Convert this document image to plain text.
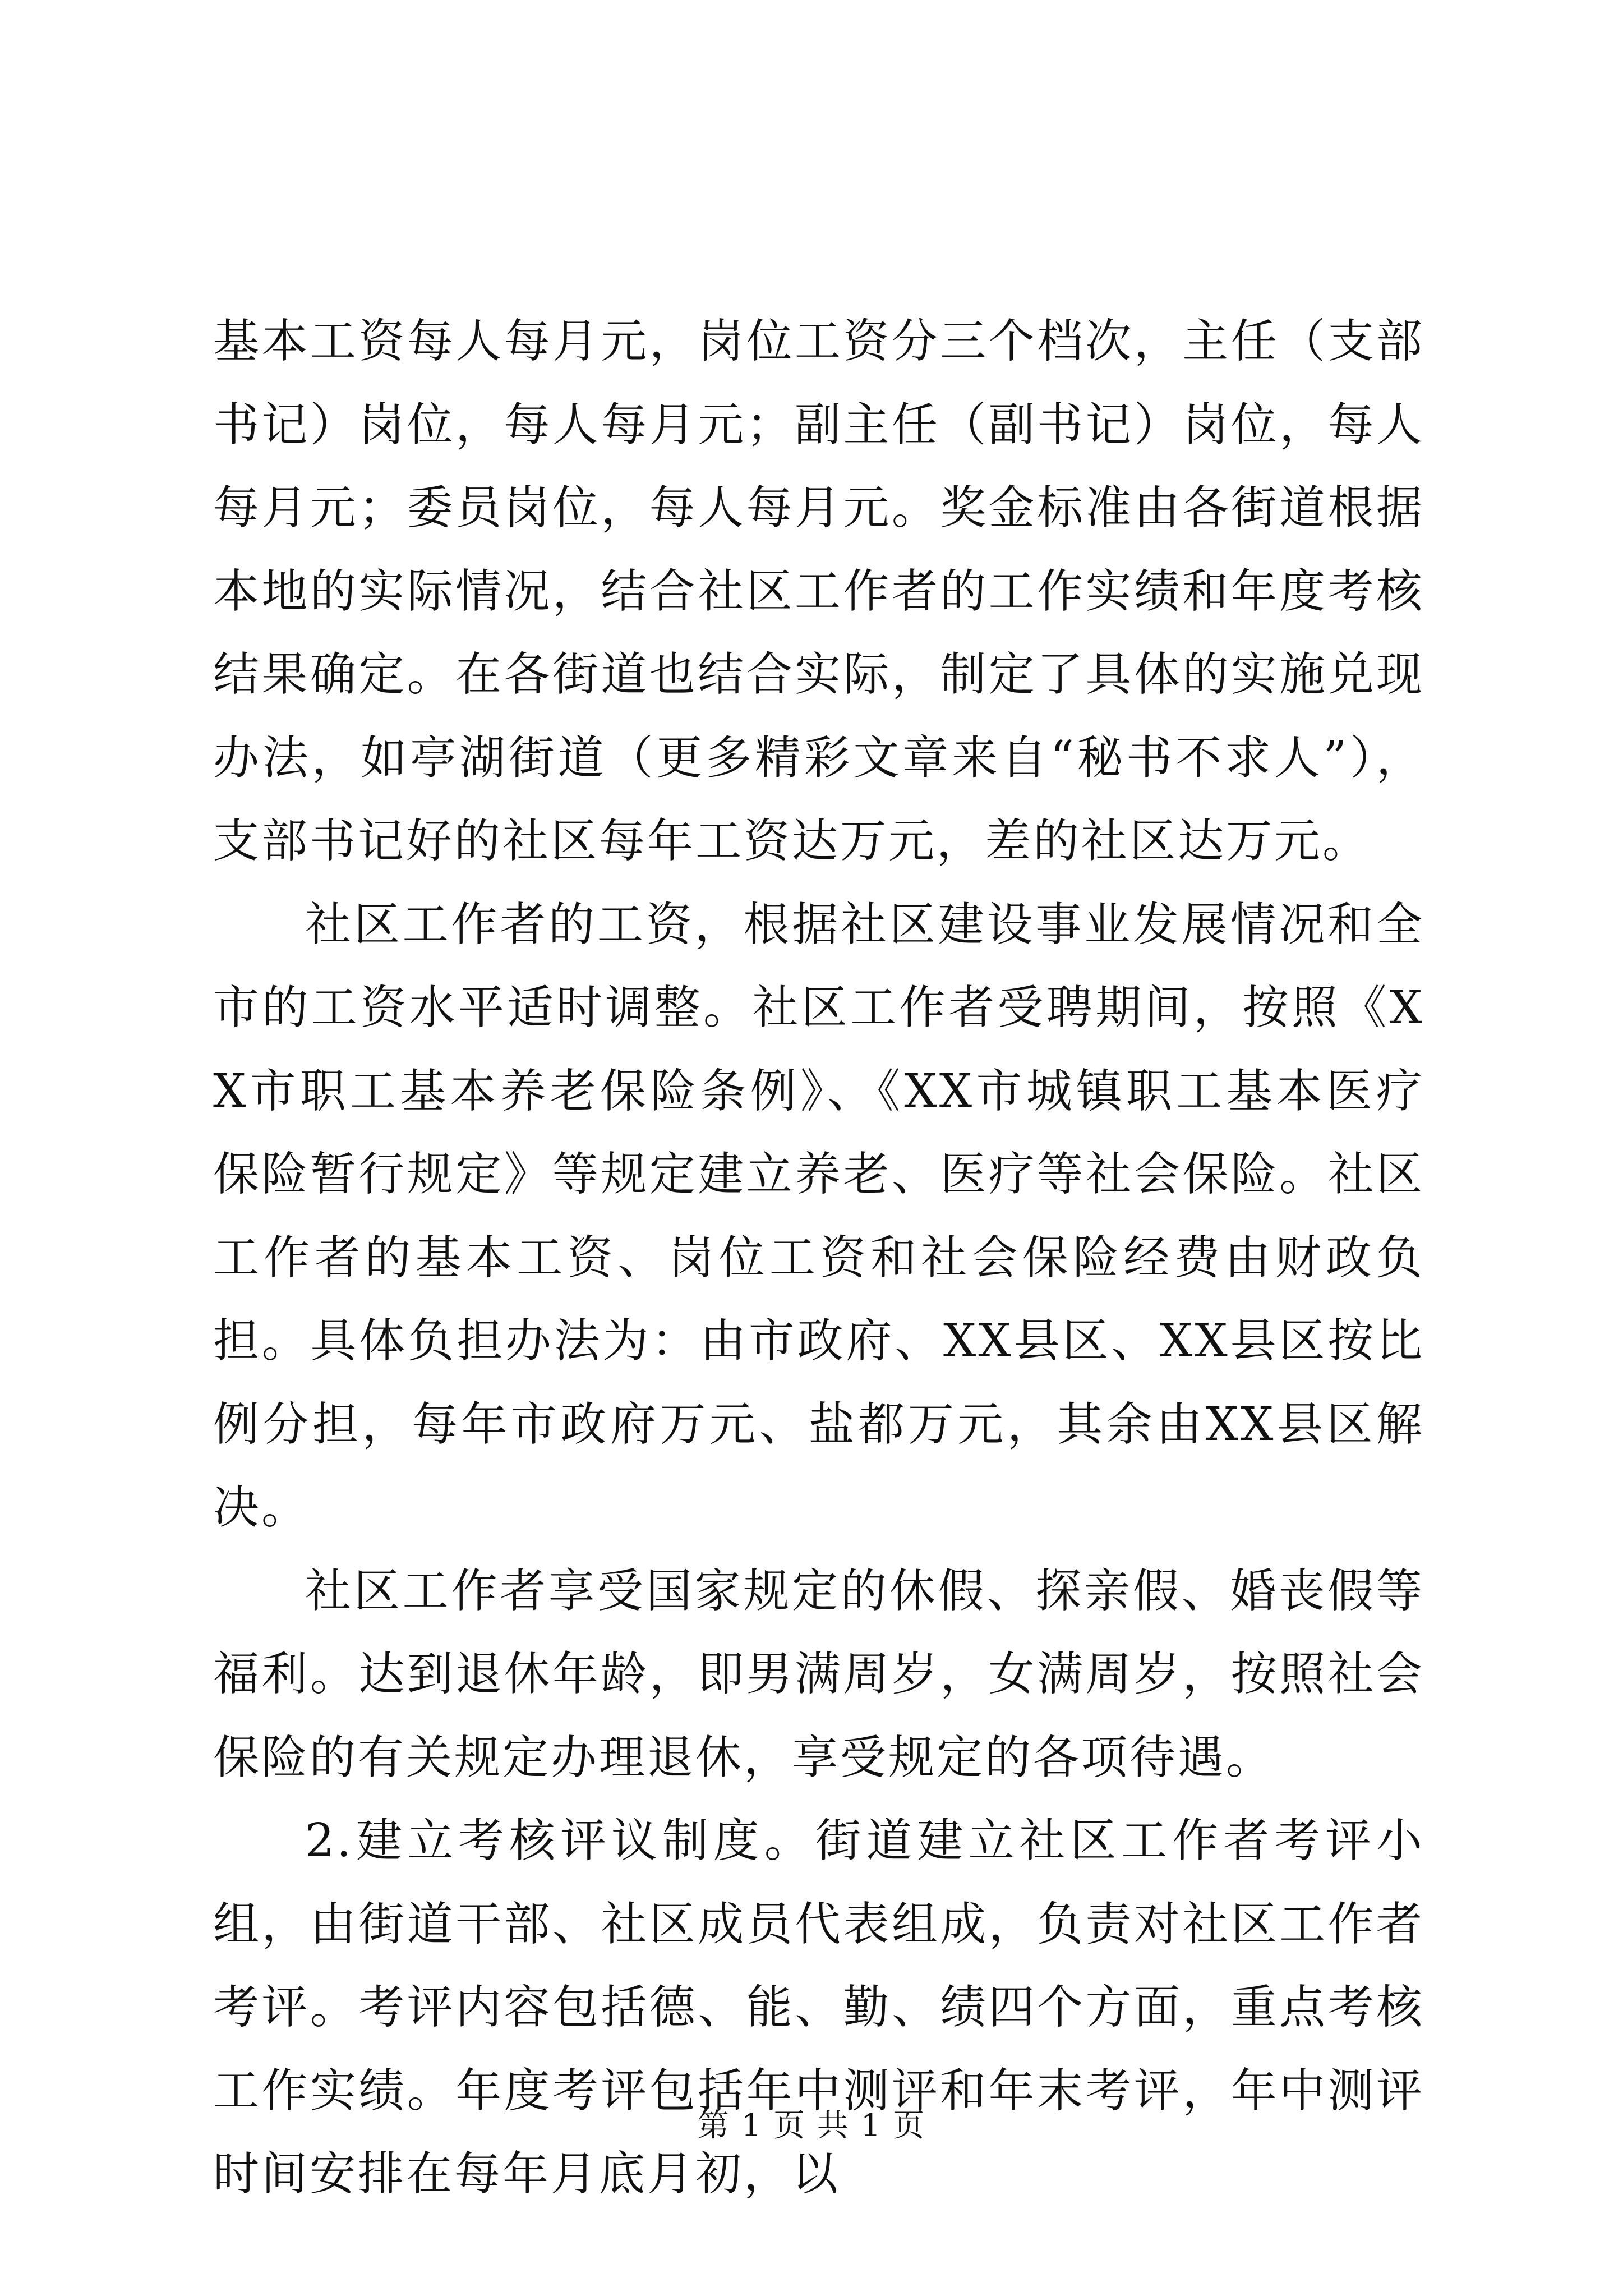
基本工资每人每月元，岗位工资分三个档次，主任（支部书记）岗位，每人每月元；副主任（副书记）岗位，每人每月元；委员岗位，每人每月元。奖金标准由各街道根据本地的实际情况，结合社区工作者的工作实绩和年度考核结果确定。在各街道也结合实际，制定了具体的实施兑现办法，如亭湖街道（更多精彩文章来自“秘书不求人”），支部书记好的社区每年工资达万元，差的社区达万元。

社区工作者的工资，根据社区建设事业发展情况和全市的工资水平适时调整。社区工作者受聘期间，按照《XX市职工基本养老保险条例》、《XX市城镇职工基本医疗保险暂行规定》等规定建立养老、医疗等社会保险。社区工作者的基本工资、岗位工资和社会保险经费由财政负担。具体负担办法为：由市政府、XX县区、XX县区按比例分担，每年市政府万元、盐都万元，其余由XX县区解决。

社区工作者享受国家规定的休假、探亲假、婚丧假等福利。达到退休年龄，即男满周岁，女满周岁，按照社会保险的有关规定办理退休，享受规定的各项待遇。

2.建立考核评议制度。街道建立社区工作者考评小组，由街道干部、社区成员代表组成，负责对社区工作者考评。考评内容包括德、能、勤、绩四个方面，重点考核工作实绩。年度考评包括年中测评和年末考评，年中测评时间安排在每年月底月初，以

第 1 页 共 1 页
